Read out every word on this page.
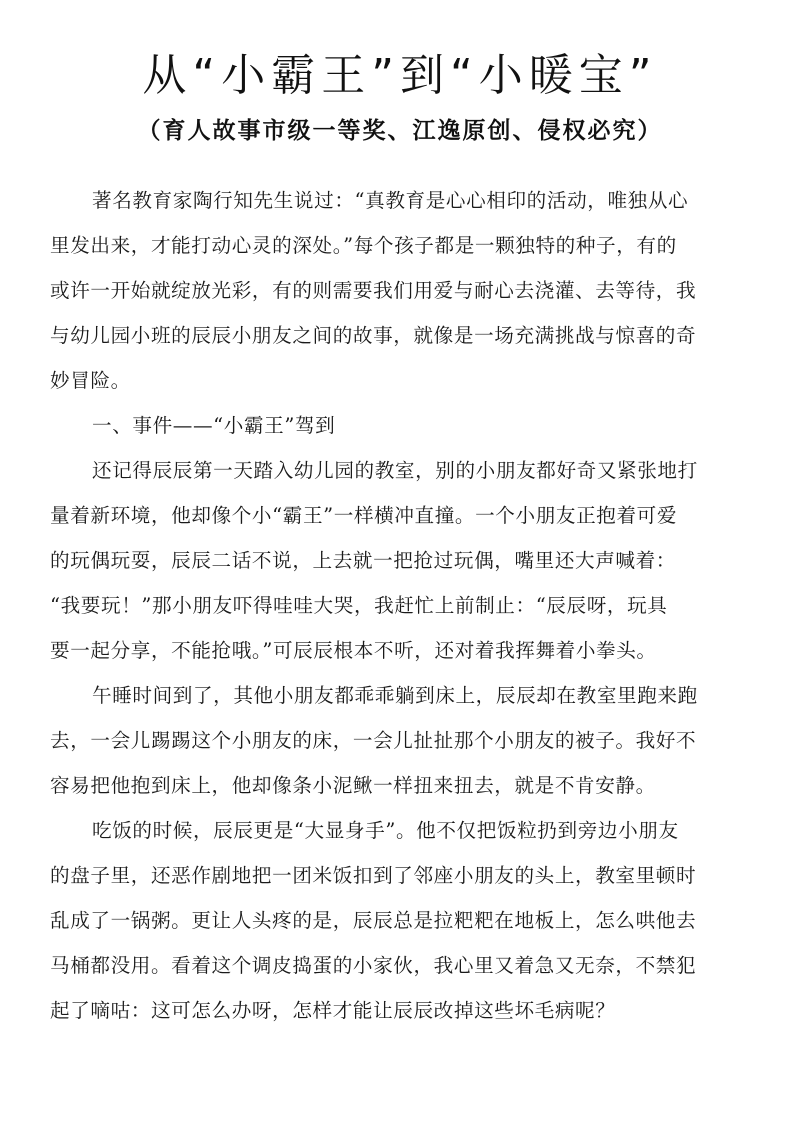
从“小霸王”到“小暖宝”
（育人故事市级一等奖、江逸原创、侵权必究）
著名教育家陶行知先生说过：“真教育是心心相印的活动，唯独从心
里发出来，才能打动心灵的深处。”每个孩子都是一颗独特的种子，有的
或许一开始就绽放光彩，有的则需要我们用爱与耐心去浇灌、去等待，我
与幼儿园小班的辰辰小朋友之间的故事，就像是一场充满挑战与惊喜的奇
妙冒险。
一、事件——“小霸王”驾到
还记得辰辰第一天踏入幼儿园的教室，别的小朋友都好奇又紧张地打
量着新环境，他却像个小“霸王”一样横冲直撞。一个小朋友正抱着可爱
的玩偶玩耍，辰辰二话不说，上去就一把抢过玩偶，嘴里还大声喊着：
“我要玩！”那小朋友吓得哇哇大哭，我赶忙上前制止：“辰辰呀，玩具
要一起分享，不能抢哦。”可辰辰根本不听，还对着我挥舞着小拳头。
午睡时间到了，其他小朋友都乖乖躺到床上，辰辰却在教室里跑来跑
去，一会儿踢踢这个小朋友的床，一会儿扯扯那个小朋友的被子。我好不
容易把他抱到床上，他却像条小泥鳅一样扭来扭去，就是不肯安静。
吃饭的时候，辰辰更是“大显身手”。他不仅把饭粒扔到旁边小朋友
的盘子里，还恶作剧地把一团米饭扣到了邻座小朋友的头上，教室里顿时
乱成了一锅粥。更让人头疼的是，辰辰总是拉粑粑在地板上，怎么哄他去
马桶都没用。看着这个调皮捣蛋的小家伙，我心里又着急又无奈，不禁犯
起了嘀咕：这可怎么办呀，怎样才能让辰辰改掉这些坏毛病呢？
